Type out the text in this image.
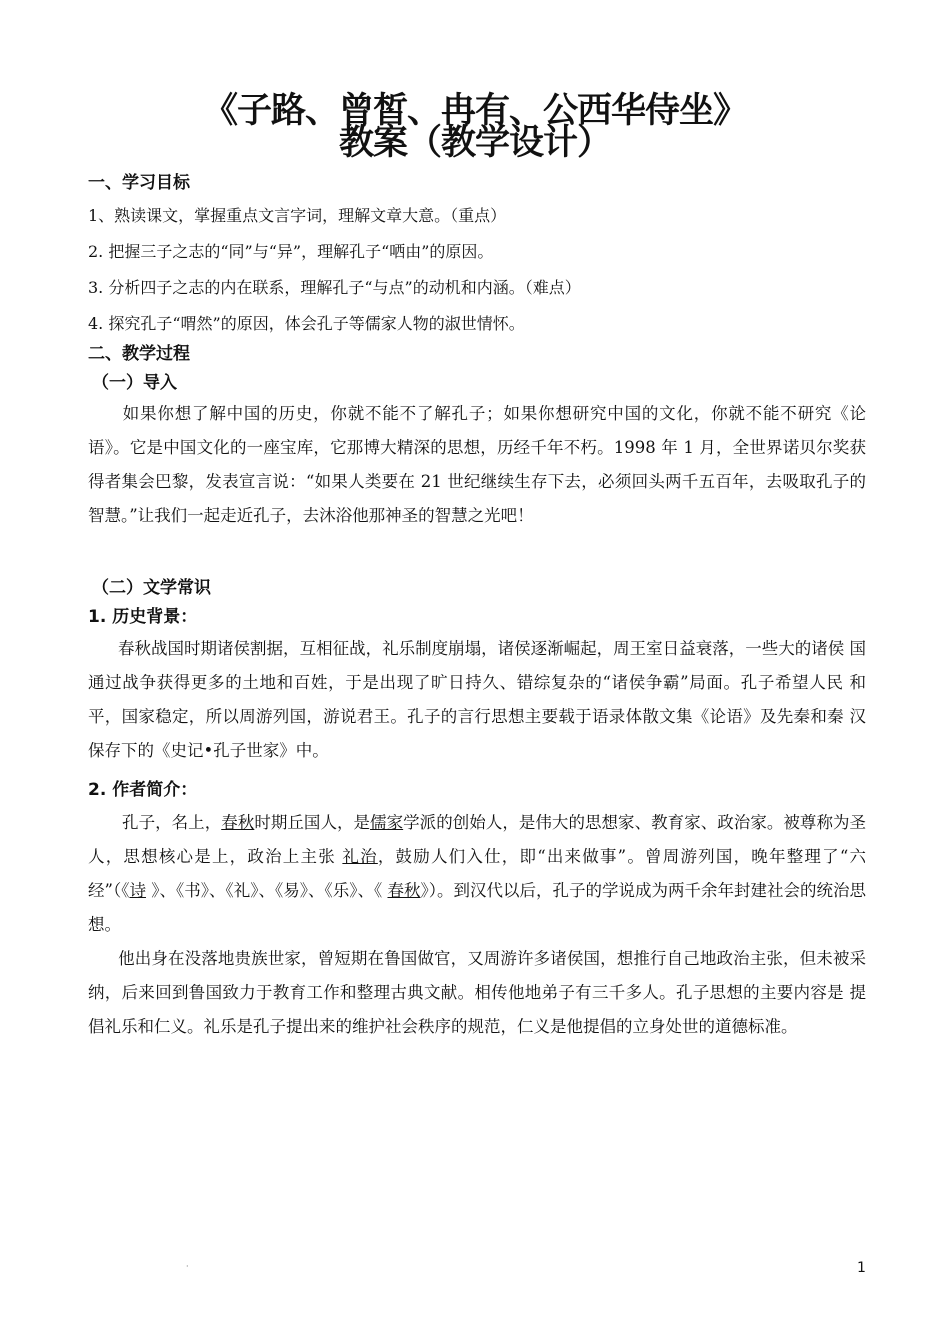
《子路、曾皙、冉有、公西华侍坐》
教案（教学设计）
一、学习目标
1、熟读课文，掌握重点文言字词，理解文章大意。（重点）
2. 把握三子之志的“同”与“异”，理解孔子“哂由”的原因。
3. 分析四子之志的内在联系，理解孔子“与点”的动机和内涵。（难点）
4. 探究孔子“喟然”的原因，体会孔子等儒家人物的淑世情怀。
二、教学过程
（一）导入

如果你想了解中国的历史，你就不能不了解孔子；如果你想研究中国的文化，你就不能不研究《论语》。它是中国文化的一座宝库，它那博大精深的思想，历经千年不朽。1998 年 1 月，全世界诺贝尔奖获得者集会巴黎，发表宣言说：“如果人类要在 21 世纪继续生存下去，必须回头两千五百年，去吸取孔子的智慧。”让我们一起走近孔子，去沐浴他那神圣的智慧之光吧！

（二）文学常识
1. 历史背景：

春秋战国时期诸侯割据，互相征战，礼乐制度崩塌，诸侯逐渐崛起，周王室日益衰落，一些大的诸侯 国通过战争获得更多的土地和百姓，于是出现了旷日持久、错综复杂的“诸侯争霸”局面。孔子希望人民 和平，国家稳定，所以周游列国，游说君王。孔子的言行思想主要载于语录体散文集《论语》及先秦和秦 汉保存下的《史记•孔子世家》中。

2. 作者简介：

孔子，名上，春秋时期丘国人，是儒家学派的创始人，是伟大的思想家、教育家、政治家。被尊称为圣人，思想核心是上，政治上主张 礼治，鼓励人们入仕，即“出来做事”。曾周游列国，晚年整理了“六经”（《诗 》、《书》、《礼》、《易》、《乐》、《 春秋》）。到汉代以后，孔子的学说成为两千余年封建社会的统治思想。

他出身在没落地贵族世家，曾短期在鲁国做官，又周游许多诸侯国，想推行自己地政治主张，但未被采纳，后来回到鲁国致力于教育工作和整理古典文献。相传他地弟子有三千多人。孔子思想的主要内容是 提倡礼乐和仁义。礼乐是孔子提出来的维护社会秩序的规范，仁义是他提倡的立身处世的道德标准。

·	1
